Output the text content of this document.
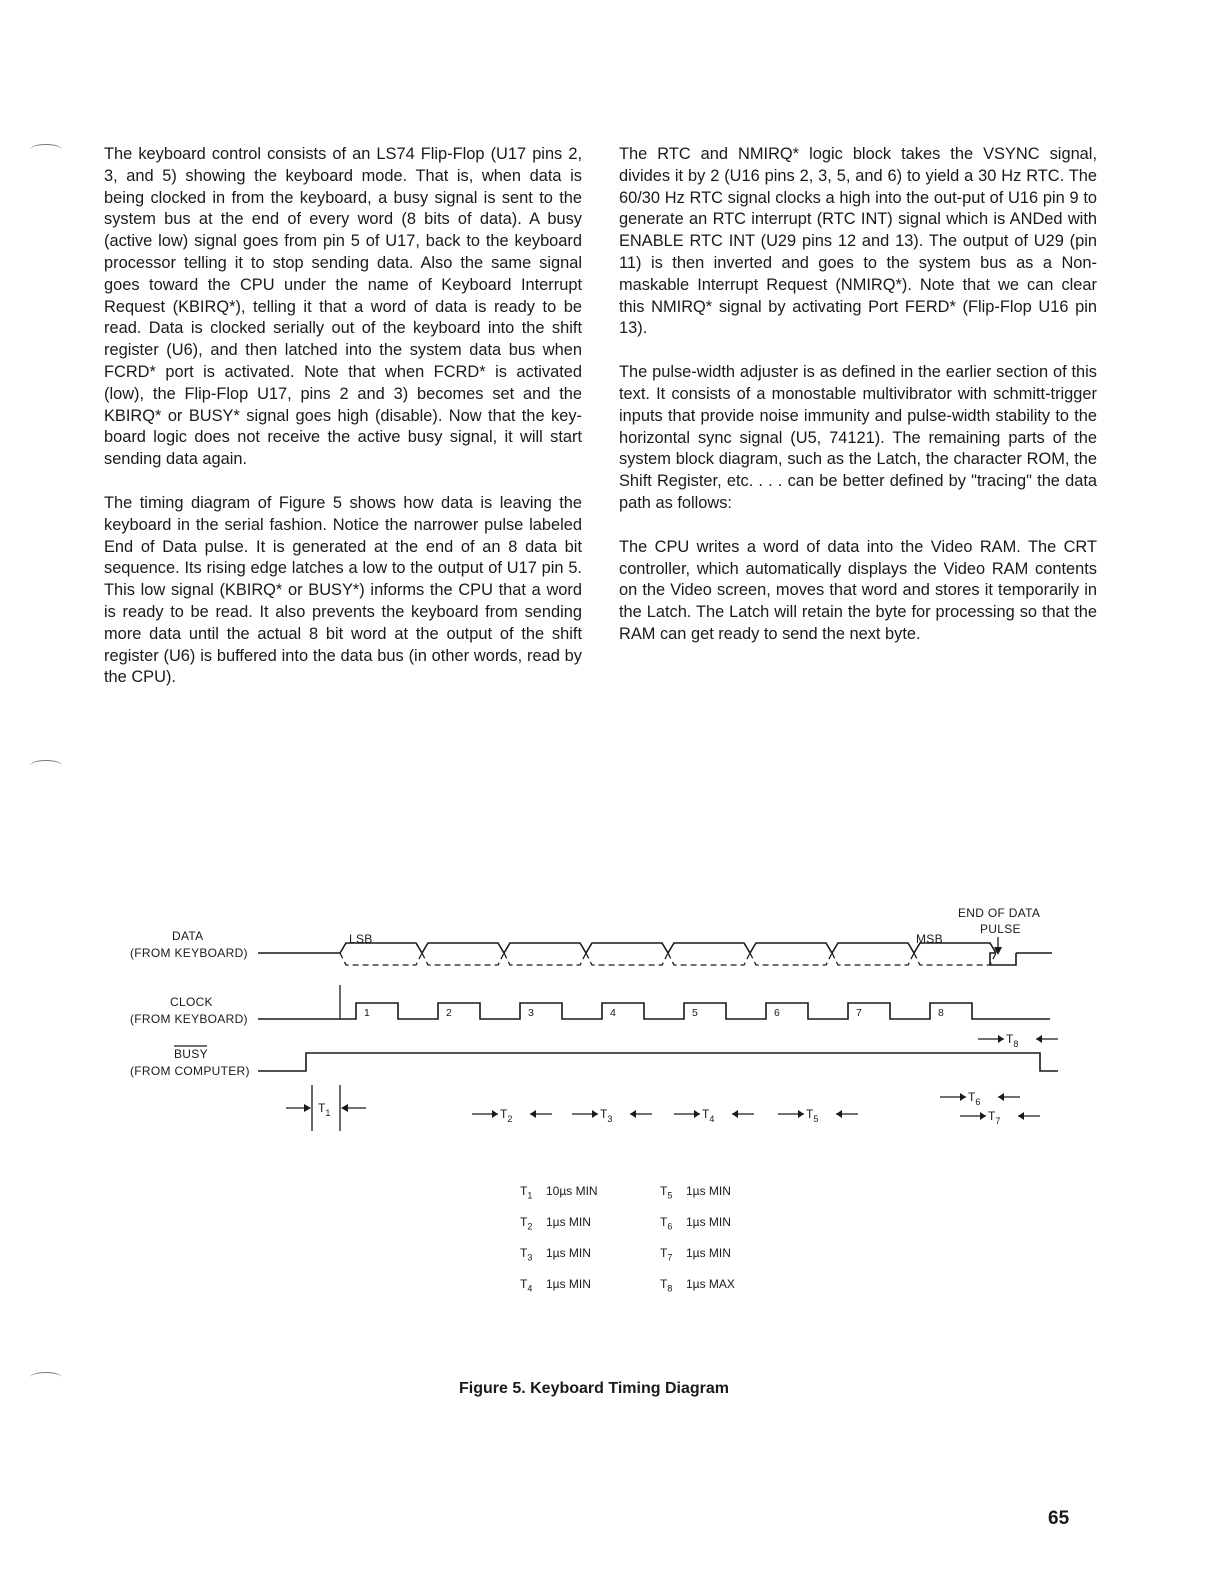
The keyboard control consists of an LS74 Flip-Flop (U17 pins 2, 3, and 5) showing the keyboard mode. That is, when data is being clocked in from the keyboard, a busy signal is sent to the system bus at the end of every word (8 bits of data). A busy (active low) signal goes from pin 5 of U17, back to the keyboard processor telling it to stop sending data. Also the same signal goes toward the CPU under the name of Keyboard Interrupt Request (KBIRQ*), telling it that a word of data is ready to be read. Data is clocked serially out of the keyboard into the shift register (U6), and then latched into the system data bus when FCRD* port is activated. Note that when FCRD* is activated (low), the Flip-Flop U17, pins 2 and 3) becomes set and the KBIRQ* or BUSY* signal goes high (disable). Now that the key-board logic does not receive the active busy signal, it will start sending data again.

The timing diagram of Figure 5 shows how data is leaving the keyboard in the serial fashion. Notice the narrower pulse labeled End of Data pulse. It is generated at the end of an 8 data bit sequence. Its rising edge latches a low to the output of U17 pin 5. This low signal (KBIRQ* or BUSY*) informs the CPU that a word is ready to be read. It also prevents the keyboard from sending more data until the actual 8 bit word at the output of the shift register (U6) is buffered into the data bus (in other words, read by the CPU).

The RTC and NMIRQ* logic block takes the VSYNC signal, divides it by 2 (U16 pins 2, 3, 5, and 6) to yield a 30 Hz RTC. The 60/30 Hz RTC signal clocks a high into the out-put of U16 pin 9 to generate an RTC interrupt (RTC INT) signal which is ANDed with ENABLE RTC INT (U29 pins 12 and 13). The output of U29 (pin 11) is then inverted and goes to the system bus as a Non-maskable Interrupt Request (NMIRQ*). Note that we can clear this NMIRQ* signal by activating Port FERD* (Flip-Flop U16 pin 13).

The pulse-width adjuster is as defined in the earlier section of this text. It consists of a monostable multivibrator with schmitt-trigger inputs that provide noise immunity and pulse-width stability to the horizontal sync signal (U5, 74121). The remaining parts of the system block diagram, such as the Latch, the character ROM, the Shift Register, etc. . . . can be better defined by "tracing" the data path as follows:

The CPU writes a word of data into the Video RAM. The CRT controller, which automatically displays the Video RAM contents on the Video screen, moves that word and stores it temporarily in the Latch. The Latch will retain the byte for processing so that the RAM can get ready to send the next byte.

END OF DATA
PULSE
LSB	MSB
DATA
(FROM KEYBOARD)
CLOCK
(FROM KEYBOARD)
BUSY
(FROM COMPUTER)
1	2	3	4	5	6	7	8
$T_8$
$T_1$	$T_2$	$T_3$	$T_4$	$T_5$
$T_6$
$T_7$
$T_1$ 10µs MIN
$T_2$ 1µs MIN
$T_3$ 1µs MIN
$T_4$ 1µs MIN
$T_5$ 1µs MIN
$T_6$ 1µs MIN
$T_7$ 1µs MIN
$T_8$ 1µs MAX
Figure 5. Keyboard Timing Diagram
65
